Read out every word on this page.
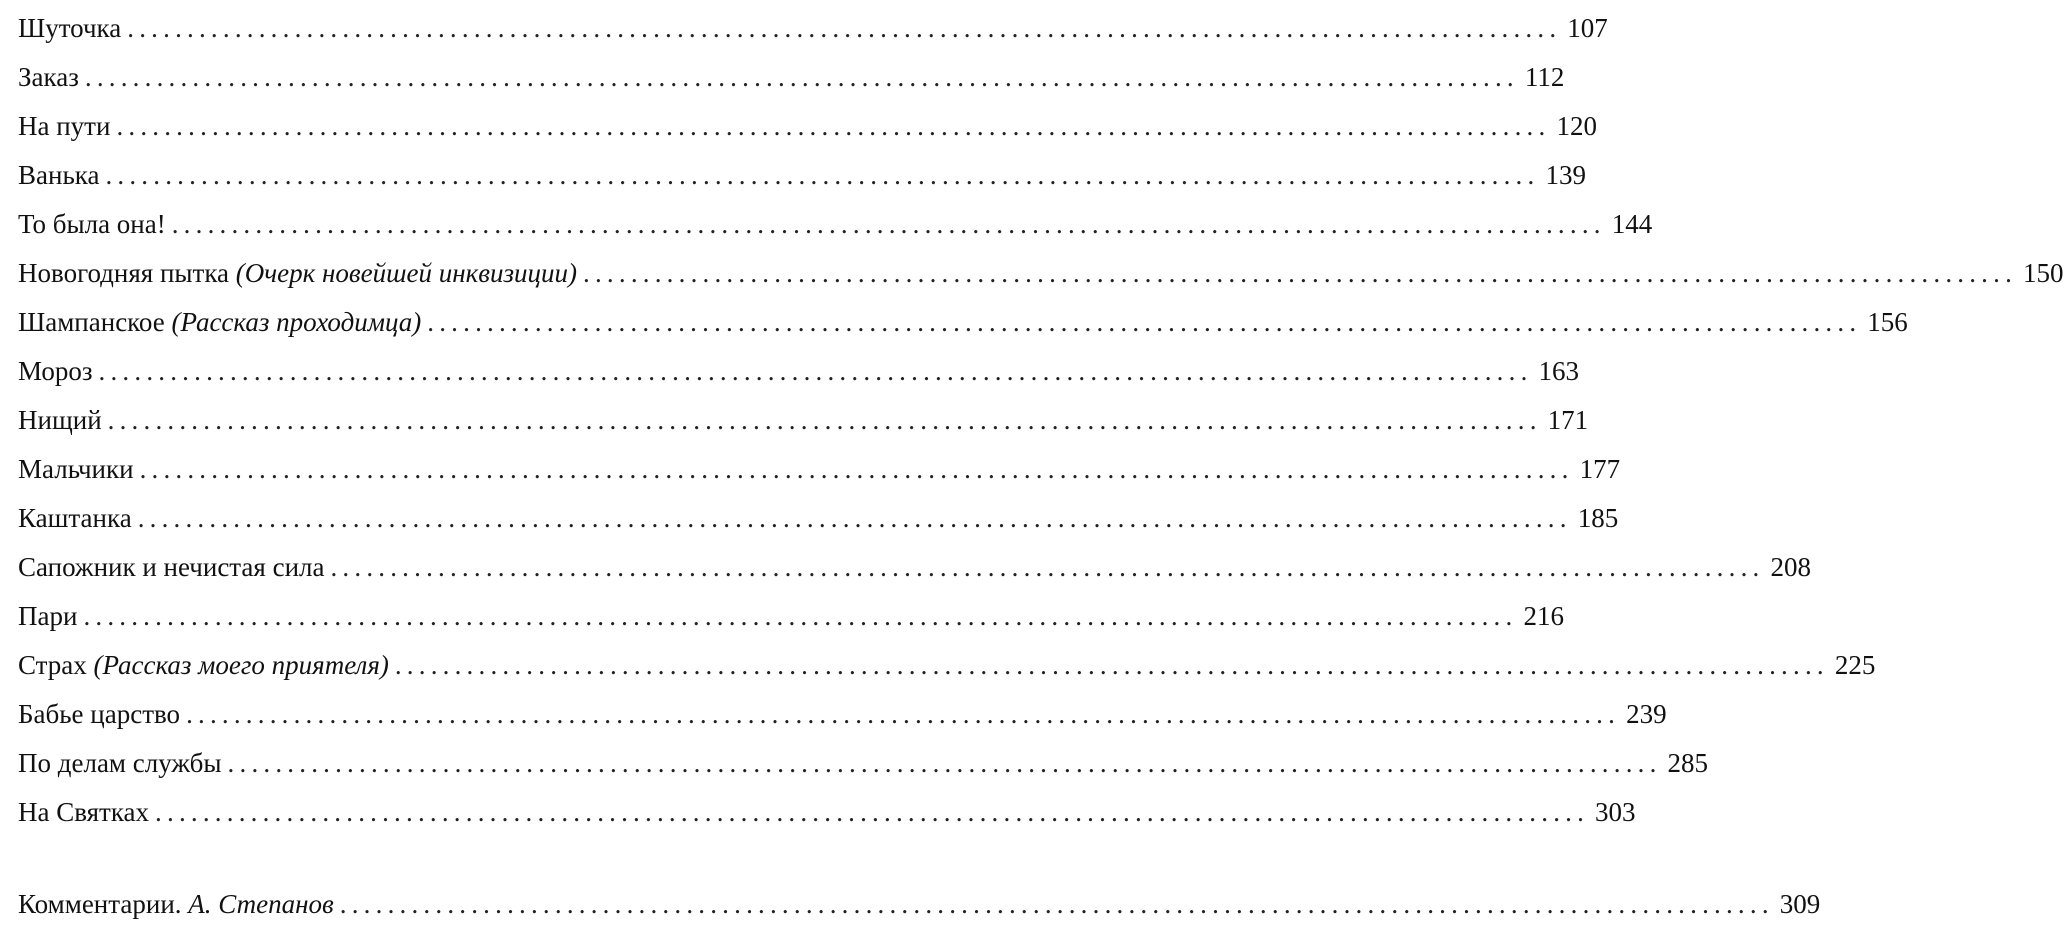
Шуточка ........................................................................................................................ 107
Заказ ........................................................................................................................ 112
На пути ........................................................................................................................ 120
Ванька ........................................................................................................................ 139
То была она! ........................................................................................................................ 144
Новогодняя пытка (Очерк новейшей инквизиции) ........................................................................................................................ 150
Шампанское (Рассказ проходимца) ........................................................................................................................ 156
Мороз ........................................................................................................................ 163
Нищий ........................................................................................................................ 171
Мальчики ........................................................................................................................ 177
Каштанка ........................................................................................................................ 185
Сапожник и нечистая сила ........................................................................................................................ 208
Пари ........................................................................................................................ 216
Страх (Рассказ моего приятеля) ........................................................................................................................ 225
Бабье царство ........................................................................................................................ 239
По делам службы ........................................................................................................................ 285
На Святках ........................................................................................................................ 303
Комментарии. А. Степанов ........................................................................................................................ 309
